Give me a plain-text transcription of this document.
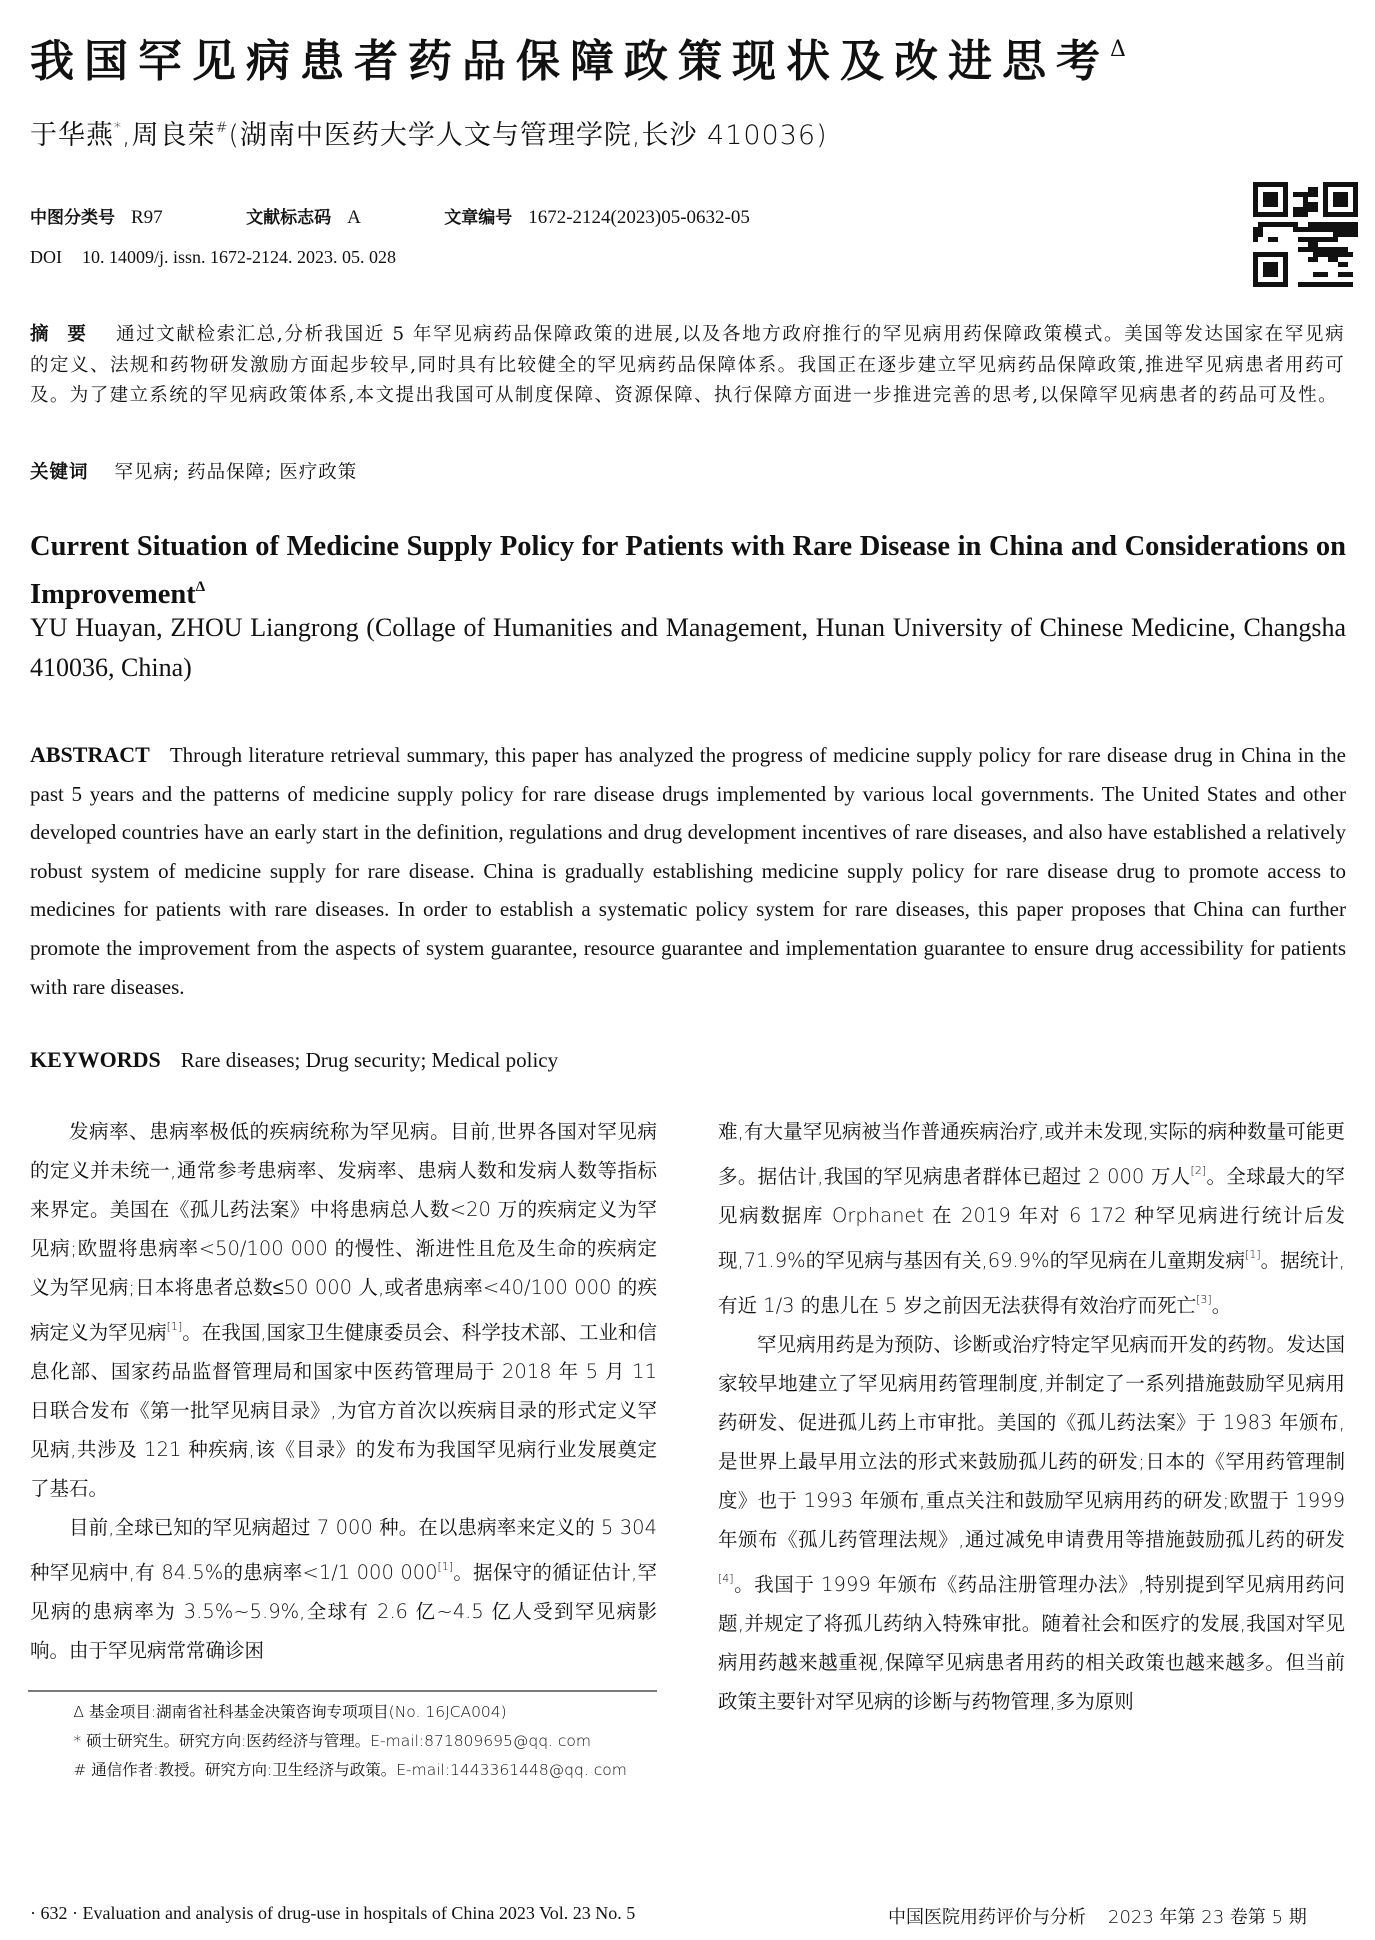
我国罕见病患者药品保障政策现状及改进思考$^\Delta$
于华燕*,周良荣#(湖南中医药大学人文与管理学院,长沙 410036)
中图分类号 R97	文献标志码 A	文章编号 1672-2124(2023)05-0632-05
DOI 10. 14009/j. issn. 1672-2124. 2023. 05. 028
摘 要 通过文献检索汇总,分析我国近 5 年罕见病药品保障政策的进展,以及各地方政府推行的罕见病用药保障政策模式。美国等发达国家在罕见病的定义、法规和药物研发激励方面起步较早,同时具有比较健全的罕见病药品保障体系。我国正在逐步建立罕见病药品保障政策,推进罕见病患者用药可及。为了建立系统的罕见病政策体系,本文提出我国可从制度保障、资源保障、执行保障方面进一步推进完善的思考,以保障罕见病患者的药品可及性。
关键词 罕见病; 药品保障; 医疗政策
Current Situation of Medicine Supply Policy for Patients with Rare Disease in China and Considerations on Improvement$^\Delta$
YU Huayan, ZHOU Liangrong (Collage of Humanities and Management, Hunan University of Chinese Medicine, Changsha 410036, China)
ABSTRACT Through literature retrieval summary, this paper has analyzed the progress of medicine supply policy for rare disease drug in China in the past 5 years and the patterns of medicine supply policy for rare disease drugs implemented by various local governments. The United States and other developed countries have an early start in the definition, regulations and drug development incentives of rare diseases, and also have established a relatively robust system of medicine supply for rare disease. China is gradually establishing medicine supply policy for rare disease drug to promote access to medicines for patients with rare diseases. In order to establish a systematic policy system for rare diseases, this paper proposes that China can further promote the improvement from the aspects of system guarantee, resource guarantee and implementation guarantee to ensure drug accessibility for patients with rare diseases.
KEYWORDS Rare diseases; Drug security; Medical policy

发病率、患病率极低的疾病统称为罕见病。目前,世界各国对罕见病的定义并未统一,通常参考患病率、发病率、患病人数和发病人数等指标来界定。美国在《孤儿药法案》中将患病总人数<20 万的疾病定义为罕见病;欧盟将患病率<50/100 000 的慢性、渐进性且危及生命的疾病定义为罕见病;日本将患者总数≤50 000 人,或者患病率<40/100 000 的疾病定义为罕见病[1]。在我国,国家卫生健康委员会、科学技术部、工业和信息化部、国家药品监督管理局和国家中医药管理局于 2018 年 5 月 11 日联合发布《第一批罕见病目录》,为官方首次以疾病目录的形式定义罕见病,共涉及 121 种疾病,该《目录》的发布为我国罕见病行业发展奠定了基石。

目前,全球已知的罕见病超过 7 000 种。在以患病率来定义的 5 304 种罕见病中,有 84.5%的患病率<1/1 000 000[1]。据保守的循证估计,罕见病的患病率为 3.5%~5.9%,全球有 2.6 亿~4.5 亿人受到罕见病影响。由于罕见病常常确诊困

Δ 基金项目:湖南省社科基金决策咨询专项项目(No. 16JCA004)

* 硕士研究生。研究方向:医药经济与管理。E-mail:871809695@qq. com

# 通信作者:教授。研究方向:卫生经济与政策。E-mail:1443361448@qq. com

难,有大量罕见病被当作普通疾病治疗,或并未发现,实际的病种数量可能更多。据估计,我国的罕见病患者群体已超过 2 000 万人[2]。全球最大的罕见病数据库 Orphanet 在 2019 年对 6 172 种罕见病进行统计后发现,71.9%的罕见病与基因有关,69.9%的罕见病在儿童期发病[1]。据统计,有近 1/3 的患儿在 5 岁之前因无法获得有效治疗而死亡[3]。

罕见病用药是为预防、诊断或治疗特定罕见病而开发的药物。发达国家较早地建立了罕见病用药管理制度,并制定了一系列措施鼓励罕见病用药研发、促进孤儿药上市审批。美国的《孤儿药法案》于 1983 年颁布,是世界上最早用立法的形式来鼓励孤儿药的研发;日本的《罕用药管理制度》也于 1993 年颁布,重点关注和鼓励罕见病用药的研发;欧盟于 1999 年颁布《孤儿药管理法规》,通过减免申请费用等措施鼓励孤儿药的研发[4]。我国于 1999 年颁布《药品注册管理办法》,特别提到罕见病用药问题,并规定了将孤儿药纳入特殊审批。随着社会和医疗的发展,我国对罕见病用药越来越重视,保障罕见病患者用药的相关政策也越来越多。但当前政策主要针对罕见病的诊断与药物管理,多为原则

· 632 · Evaluation and analysis of drug-use in hospitals of China 2023 Vol. 23 No. 5	中国医院用药评价与分析 2023 年第 23 卷第 5 期
